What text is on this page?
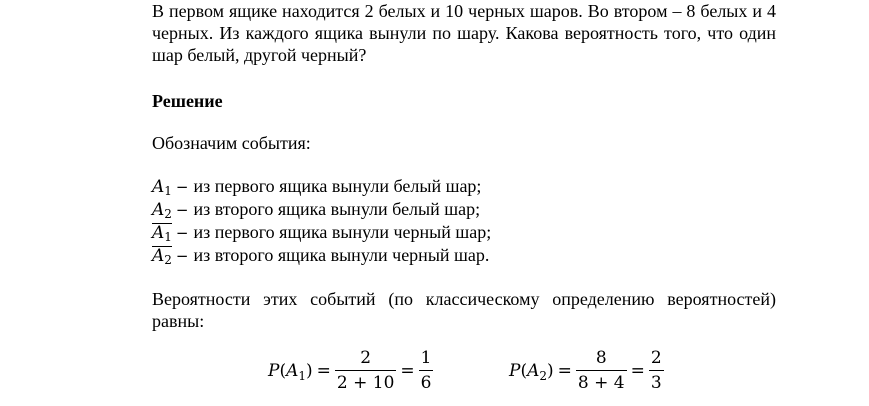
В первом ящике находится 2 белых и 10 черных шаров. Во втором – 8 белых и 4 черных. Из каждого ящика вынули по шару. Какова вероятность того, что один шар белый, другой черный?

Решение

Обозначим события:

$A_1$ − из первого ящика вынули белый шар;
$A_2$ − из второго ящика вынули белый шар;
$A_1$ − из первого ящика вынули черный шар;
$A_2$ − из второго ящика вынули черный шар.

Вероятности этих событий (по классическому определению вероятностей) равны:

$P(A_1) = \frac{2}{2 + 10} = \frac{1}{6}$	$P(A_2) = \frac{8}{8 + 4} = \frac{2}{3}$
